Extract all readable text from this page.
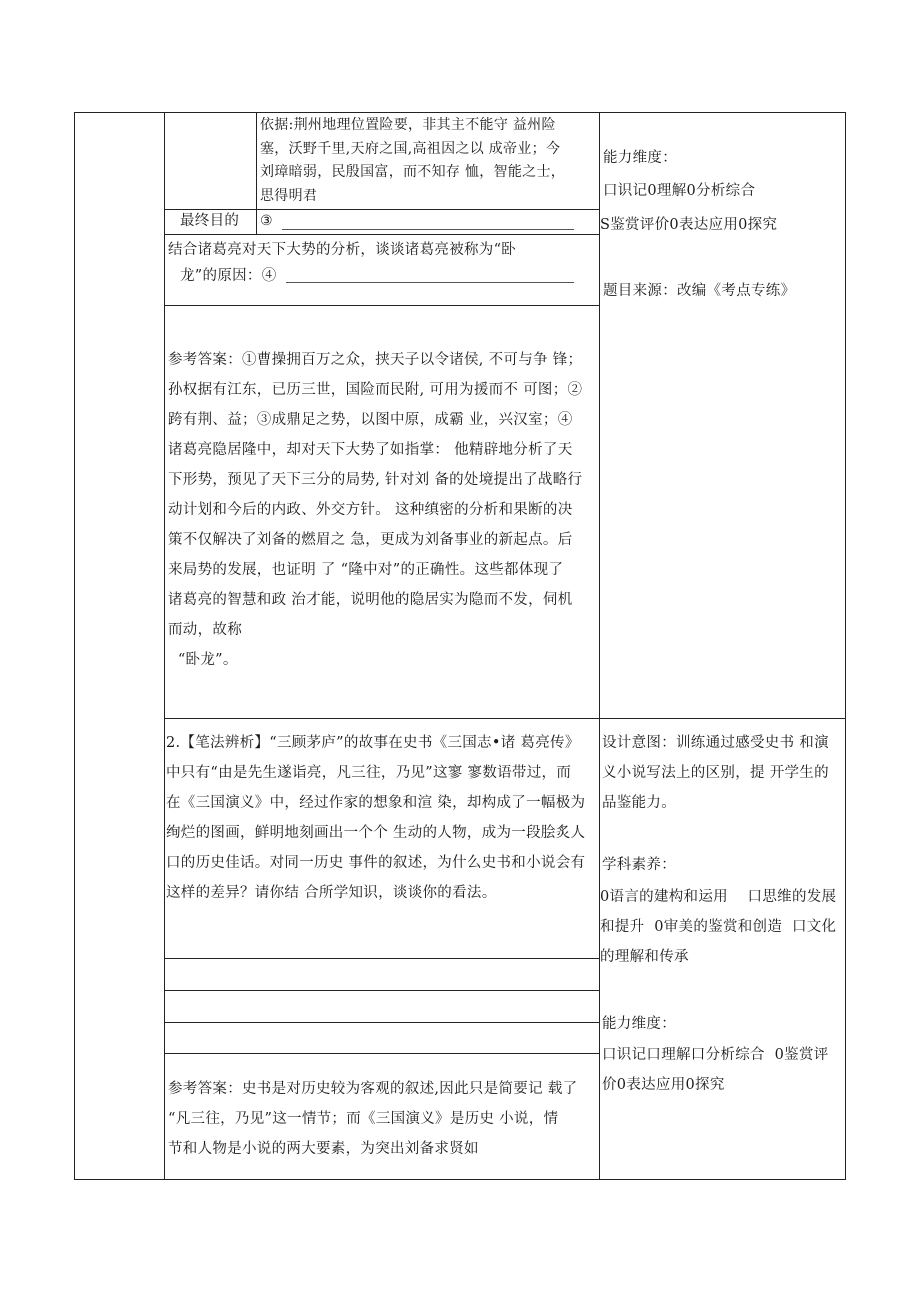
依据:荆州地理位置险要，非其主不能守 益州险

塞，沃野千里,天府之国,高祖因之以 成帝业；今

刘璋暗弱，民殷国富，而不知存 恤，智能之士，

思得明君

最终目的 ③
结合诸葛亮对天下大势的分析，谈谈诸葛亮被称为“卧
龙”的原因：④
能力维度：
口识记0理解0分析综合
S鉴赏评价0表达应用0探究
题目来源：改编《考点专练》

参考答案：①曹操拥百万之众，挟天子以令诸侯, 不可与争 锋；

孙权据有江东，已历三世，国险而民附, 可用为援而不 可图；②

跨有荆、益；③成鼎足之势，以图中原，成霸 业，兴汉室；④

诸葛亮隐居隆中，却对天下大势了如指掌： 他精辟地分析了天

下形势，预见了天下三分的局势, 针对刘 备的处境提出了战略行

动计划和今后的内政、外交方针。 这种缜密的分析和果断的决

策不仅解决了刘备的燃眉之 急，更成为刘备事业的新起点。后

来局势的发展，也证明 了 “隆中对”的正确性。这些都体现了

诸葛亮的智慧和政 治才能，说明他的隐居实为隐而不发，伺机

而动，故称

“卧龙”。

2.【笔法辨析】“三顾茅庐”的故事在史书《三国志•诸 葛亮传》

中只有“由是先生遂诣亮，凡三往，乃见”这寥 寥数语带过，而

在《三国演义》中，经过作家的想象和渲 染，却构成了一幅极为

绚烂的图画，鲜明地刻画出一个个 生动的人物，成为一段脍炙人

口的历史佳话。对同一历史 事件的叙述，为什么史书和小说会有

这样的差异？请你结 合所学知识，谈谈你的看法。

设计意图：训练通过感受史书 和演

义小说写法上的区别，提 开学生的

品鉴能力。

学科素养：

0语言的建构和运用    口思维的发展

和提升  0审美的鉴赏和创造  口文化

的理解和传承

能力维度：

口识记口理解口分析综合  0鉴赏评

价0表达应用0探究

参考答案：史书是对历史较为客观的叙述,因此只是简要记 载了

“凡三往，乃见”这一情节；而《三国演义》是历史 小说，情

节和人物是小说的两大要素，为突出刘备求贤如
